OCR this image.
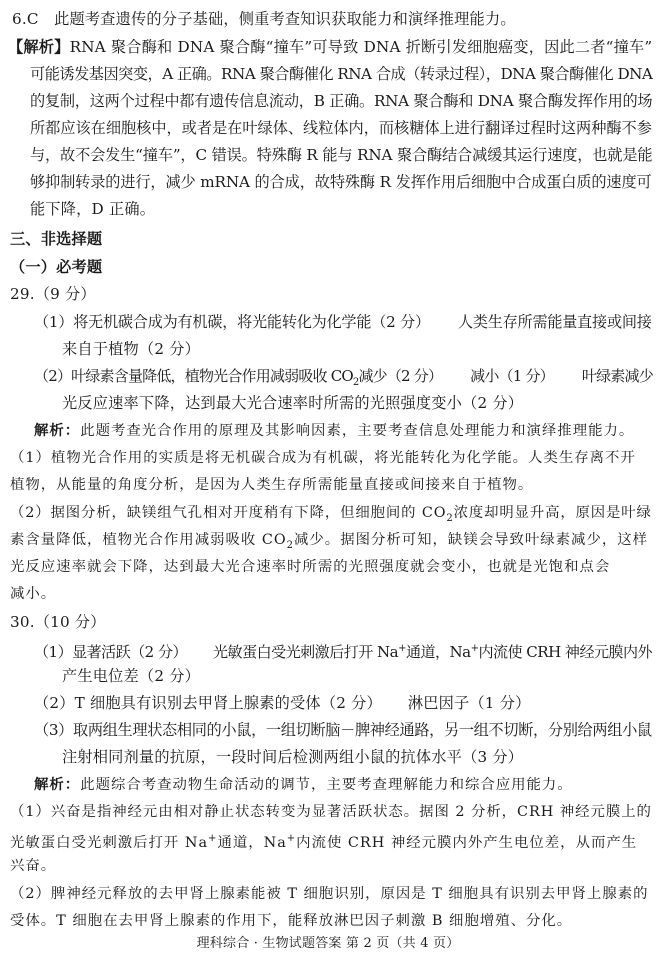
6.C　此题考查遗传的分子基础，侧重考查知识获取能力和演绎推理能力。
【解析】RNA 聚合酶和 DNA 聚合酶“撞车”可导致 DNA 折断引发细胞癌变，因此二者“撞车”
可能诱发基因突变，A 正确。RNA 聚合酶催化 RNA 合成（转录过程），DNA 聚合酶催化 DNA
的复制，这两个过程中都有遗传信息流动，B 正确。RNA 聚合酶和 DNA 聚合酶发挥作用的场
所都应该在细胞核中，或者是在叶绿体、线粒体内，而核糖体上进行翻译过程时这两种酶不参
与，故不会发生“撞车”，C 错误。特殊酶 R 能与 RNA 聚合酶结合减缓其运行速度，也就是能
够抑制转录的进行，减少 mRNA 的合成，故特殊酶 R 发挥作用后细胞中合成蛋白质的速度可
能下降，D 正确。
三、非选择题
（一）必考题
29.（9 分）
（1）将无机碳合成为有机碳，将光能转化为化学能（2 分） 人类生存所需能量直接或间接
来自于植物（2 分）
（2）叶绿素含量降低，植物光合作用减弱吸收 $CO_2$减少（2 分） 减小（1 分） 叶绿素减少
光反应速率下降，达到最大光合速率时所需的光照强度变小（2 分）
解析：此题考查光合作用的原理及其影响因素，主要考查信息处理能力和演绎推理能力。
（1）植物光合作用的实质是将无机碳合成为有机碳，将光能转化为化学能。人类生存离不开
植物，从能量的角度分析，是因为人类生存所需能量直接或间接来自于植物。
（2）据图分析，缺镁组气孔相对开度稍有下降，但细胞间的 $CO_2$浓度却明显升高，原因是叶绿
素含量降低，植物光合作用减弱吸收 $CO_2$减少。据图分析可知，缺镁会导致叶绿素减少，这样
光反应速率就会下降，达到最大光合速率时所需的光照强度就会变小，也就是光饱和点会
减小。
30.（10 分）
（1）显著活跃（2 分） 光敏蛋白受光刺激后打开 Na+通道，Na+内流使 CRH 神经元膜内外
产生电位差（2 分）
（2）T 细胞具有识别去甲肾上腺素的受体（2 分） 淋巴因子（1 分）
（3）取两组生理状态相同的小鼠，一组切断脑－脾神经通路，另一组不切断，分别给两组小鼠
注射相同剂量的抗原，一段时间后检测两组小鼠的抗体水平（3 分）
解析：此题综合考查动物生命活动的调节，主要考查理解能力和综合应用能力。
（1）兴奋是指神经元由相对静止状态转变为显著活跃状态。据图 2 分析，CRH 神经元膜上的
光敏蛋白受光刺激后打开 Na+通道，Na+内流使 CRH 神经元膜内外产生电位差，从而产生
兴奋。
（2）脾神经元释放的去甲肾上腺素能被 T 细胞识别，原因是 T 细胞具有识别去甲肾上腺素的
受体。T 细胞在去甲肾上腺素的作用下，能释放淋巴因子刺激 B 细胞增殖、分化。
理科综合 · 生物试题答案 第 2 页（共 4 页）
